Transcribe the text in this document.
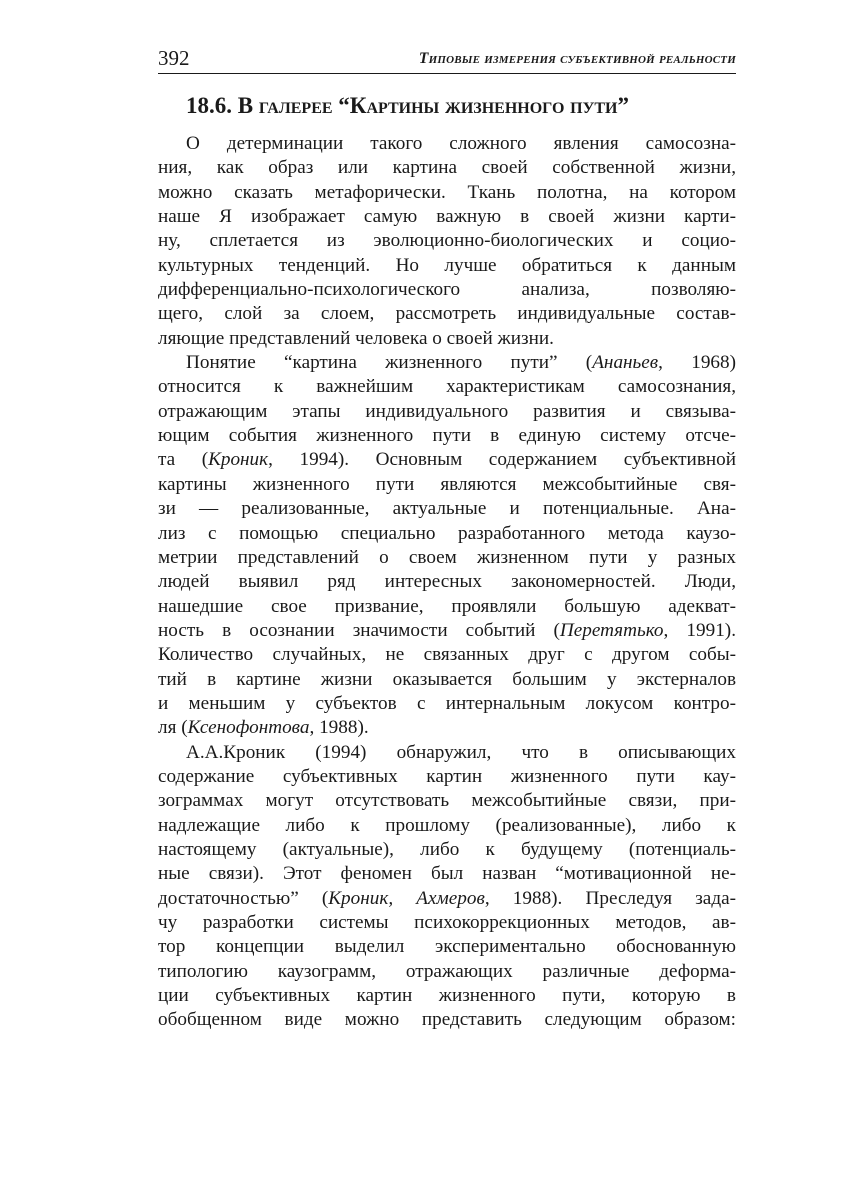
392	Типовые измерения субъективной реальности
18.6. В галерее “Картины жизненного пути”

О детерминации такого сложного явления самосозна-
ния, как образ или картина своей собственной жизни,
можно сказать метафорически. Ткань полотна, на котором
наше Я изображает самую важную в своей жизни карти-
ну, сплетается из эволюционно-биологических и социо-
культурных тенденций. Но лучше обратиться к данным
дифференциально-психологического анализа, позволяю-
щего, слой за слоем, рассмотреть индивидуальные состав-
ляющие представлений человека о своей жизни.

Понятие “картина жизненного пути” (Ананьев, 1968)
относится к важнейшим характеристикам самосознания,
отражающим этапы индивидуального развития и связыва-
ющим события жизненного пути в единую систему отсче-
та (Кроник, 1994). Основным содержанием субъективной
картины жизненного пути являются межсобытийные свя-
зи — реализованные, актуальные и потенциальные. Ана-
лиз с помощью специально разработанного метода каузо-
метрии представлений о своем жизненном пути у разных
людей выявил ряд интересных закономерностей. Люди,
нашедшие свое призвание, проявляли большую адекват-
ность в осознании значимости событий (Перетятько, 1991).
Количество случайных, не связанных друг с другом собы-
тий в картине жизни оказывается большим у экстерналов
и меньшим у субъектов с интернальным локусом контро-
ля (Ксенофонтова, 1988).

А.А.Кроник (1994) обнаружил, что в описывающих
содержание субъективных картин жизненного пути кау-
зограммах могут отсутствовать межсобытийные связи, при-
надлежащие либо к прошлому (реализованные), либо к
настоящему (актуальные), либо к будущему (потенциаль-
ные связи). Этот феномен был назван “мотивационной не-
достаточностью” (Кроник, Ахмеров, 1988). Преследуя зада-
чу разработки системы психокоррекционных методов, ав-
тор концепции выделил экспериментально обоснованную
типологию каузограмм, отражающих различные деформа-
ции субъективных картин жизненного пути, которую в
обобщенном виде можно представить следующим образом:
